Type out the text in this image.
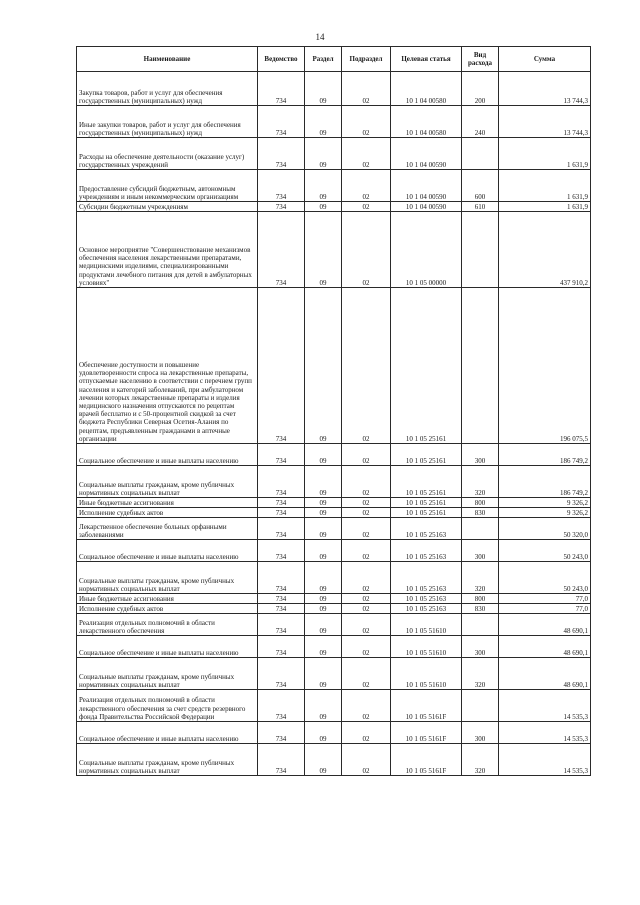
14
Наименование	Ведомство	Раздел	Подраздел	Целевая статья	Вид расхода	Сумма
Закупка товаров, работ и услуг для обеспечения государственных (муниципальных) нужд	734	09	02	10 1 04 00580	200	13 744,3
Иные закупки товаров, работ и услуг для обеспечения государственных (муниципальных) нужд	734	09	02	10 1 04 00580	240	13 744,3
Расходы на обеспечение деятельности (оказание услуг) государственных учреждений	734	09	02	10 1 04 00590		1 631,9
Предоставление субсидий бюджетным, автономным учреждениям и иным некоммерческим организациям	734	09	02	10 1 04 00590	600	1 631,9
Субсидии бюджетным учреждениям	734	09	02	10 1 04 00590	610	1 631,9
Основное мероприятие "Совершенствование механизмов обеспечения населения лекарственными препаратами, медицинскими изделиями, специализированными продуктами лечебного питания для детей в амбулаторных условиях"	734	09	02	10 1 05 00000		437 910,2
Обеспечение доступности и повышение удовлетворенности спроса на лекарственные препараты, отпускаемые населению в соответствии с перечнем групп населения и категорий заболеваний, при амбулаторном лечении которых лекарственные препараты и изделия медицинского назначения отпускаются по рецептам врачей бесплатно и с 50-процентной скидкой за счет бюджета Республики Северная Осетия-Алания по рецептам, предъявленным гражданами в аптечные организации	734	09	02	10 1 05 25161		196 075,5
Социальное обеспечение и иные выплаты населению	734	09	02	10 1 05 25161	300	186 749,2
Социальные выплаты гражданам, кроме публичных нормативных социальных выплат	734	09	02	10 1 05 25161	320	186 749,2
Иные бюджетные ассигнования	734	09	02	10 1 05 25161	800	9 326,2
Исполнение судебных актов	734	09	02	10 1 05 25161	830	9 326,2
Лекарственное обеспечение больных орфанными заболеваниями	734	09	02	10 1 05 25163		50 320,0
Социальное обеспечение и иные выплаты населению	734	09	02	10 1 05 25163	300	50 243,0
Социальные выплаты гражданам, кроме публичных нормативных социальных выплат	734	09	02	10 1 05 25163	320	50 243,0
Иные бюджетные ассигнования	734	09	02	10 1 05 25163	800	77,0
Исполнение судебных актов	734	09	02	10 1 05 25163	830	77,0
Реализация отдельных полномочий в области лекарственного обеспечения	734	09	02	10 1 05 51610		48 690,1
Социальное обеспечение и иные выплаты населению	734	09	02	10 1 05 51610	300	48 690,1
Социальные выплаты гражданам, кроме публичных нормативных социальных выплат	734	09	02	10 1 05 51610	320	48 690,1
Реализация отдельных полномочий в области лекарственного обеспечения за счет средств резервного фонда Правительства Российской Федерации	734	09	02	10 1 05 5161F		14 535,3
Социальное обеспечение и иные выплаты населению	734	09	02	10 1 05 5161F	300	14 535,3
Социальные выплаты гражданам, кроме публичных нормативных социальных выплат	734	09	02	10 1 05 5161F	320	14 535,3
